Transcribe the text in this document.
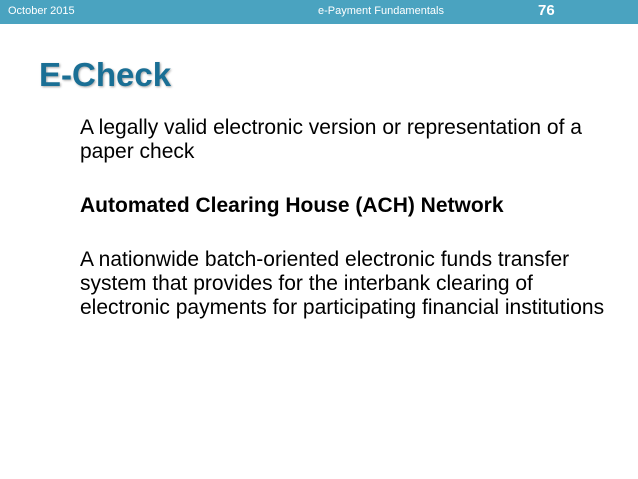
October 2015	e-Payment Fundamentals	76
E-Check

A legally valid electronic version or representation of a paper check

Automated Clearing House (ACH) Network

A nationwide batch-oriented electronic funds transfer system that provides for the interbank clearing of electronic payments for participating financial institutions
